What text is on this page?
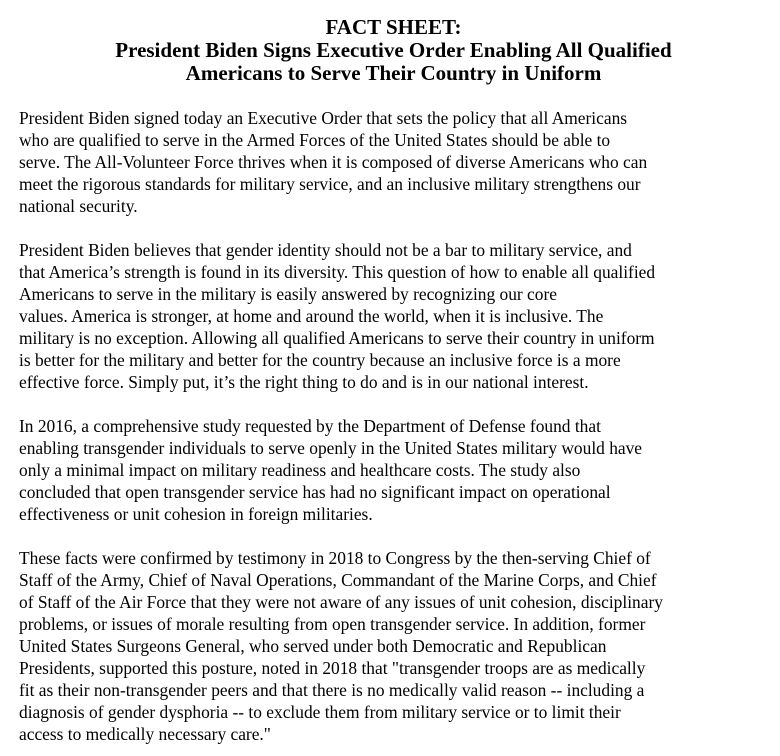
FACT SHEET:
President Biden Signs Executive Order Enabling All Qualified
Americans to Serve Their Country in Uniform

President Biden signed today an Executive Order that sets the policy that all Americans
who are qualified to serve in the Armed Forces of the United States should be able to
serve. The All-Volunteer Force thrives when it is composed of diverse Americans who can
meet the rigorous standards for military service, and an inclusive military strengthens our
national security.

President Biden believes that gender identity should not be a bar to military service, and
that America’s strength is found in its diversity. This question of how to enable all qualified
Americans to serve in the military is easily answered by recognizing our core
values. America is stronger, at home and around the world, when it is inclusive. The
military is no exception. Allowing all qualified Americans to serve their country in uniform
is better for the military and better for the country because an inclusive force is a more
effective force. Simply put, it’s the right thing to do and is in our national interest.

In 2016, a comprehensive study requested by the Department of Defense found that
enabling transgender individuals to serve openly in the United States military would have
only a minimal impact on military readiness and healthcare costs. The study also
concluded that open transgender service has had no significant impact on operational
effectiveness or unit cohesion in foreign militaries.

These facts were confirmed by testimony in 2018 to Congress by the then-serving Chief of
Staff of the Army, Chief of Naval Operations, Commandant of the Marine Corps, and Chief
of Staff of the Air Force that they were not aware of any issues of unit cohesion, disciplinary
problems, or issues of morale resulting from open transgender service. In addition, former
United States Surgeons General, who served under both Democratic and Republican
Presidents, supported this posture, noted in 2018 that "transgender troops are as medically
fit as their non-transgender peers and that there is no medically valid reason -- including a
diagnosis of gender dysphoria -- to exclude them from military service or to limit their
access to medically necessary care."
